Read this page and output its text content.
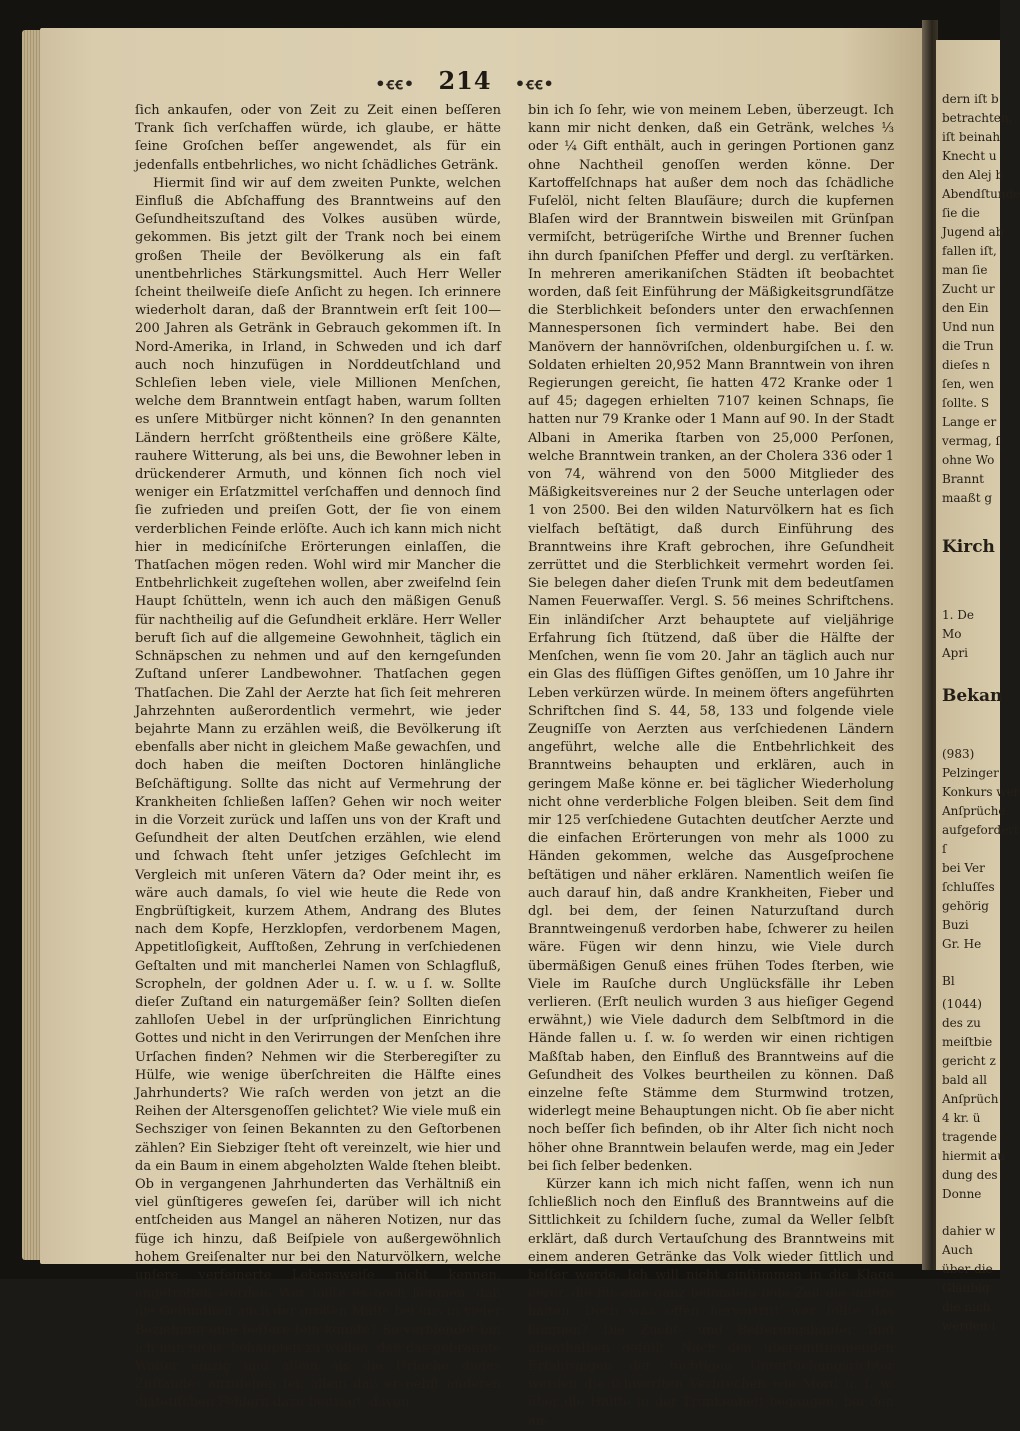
•ꞓꞓ• 214 •ꞓꞓ•

ſich ankaufen, oder von Zeit zu Zeit einen beſſeren Trank ſich verſchaffen würde, ich glaube, er hätte ſeine Groſchen beſſer angewendet, als für ein jedenfalls entbehrliches, wo nicht ſchädliches Getränk.

Hiermit ſind wir auf dem zweiten Punkte, welchen Einfluß die Abſchaffung des Branntweins auf den Geſundheitszuſtand des Volkes ausüben würde, gekommen. Bis jetzt gilt der Trank noch bei einem großen Theile der Bevölkerung als ein faſt unentbehrliches Stärkungsmittel. Auch Herr Weller ſcheint theilweiſe dieſe Anſicht zu hegen. Ich erinnere wiederholt daran, daß der Branntwein erſt ſeit 100—200 Jahren als Getränk in Gebrauch gekommen iſt. In Nord-Amerika, in Irland, in Schweden und ich darf auch noch hinzufügen in Norddeutſchland und Schleſien leben viele, viele Millionen Menſchen, welche dem Branntwein entſagt haben, warum ſollten es unſere Mitbürger nicht können? In den genannten Ländern herrſcht größtentheils eine größere Kälte, rauhere Witterung, als bei uns, die Bewohner leben in drückenderer Armuth, und können ſich noch viel weniger ein Erſatzmittel verſchaffen und dennoch ſind ſie zufrieden und preiſen Gott, der ſie von einem verderblichen Feinde erlöſte. Auch ich kann mich nicht hier in medicíniſche Erörterungen einlaſſen, die Thatſachen mögen reden. Wohl wird mir Mancher die Entbehrlichkeit zugeſtehen wollen, aber zweifelnd ſein Haupt ſchütteln, wenn ich auch den mäßigen Genuß für nachtheilig auf die Geſundheit erkläre. Herr Weller beruft ſich auf die allgemeine Gewohnheit, täglich ein Schnäpschen zu nehmen und auf den kerngeſunden Zuſtand unſerer Landbewohner. Thatſachen gegen Thatſachen. Die Zahl der Aerzte hat ſich ſeit mehreren Jahrzehnten außerordentlich vermehrt, wie jeder bejahrte Mann zu erzählen weiß, die Bevölkerung iſt ebenfalls aber nicht in gleichem Maße gewachſen, und doch haben die meiſten Doctoren hinlängliche Beſchäftigung. Sollte das nicht auf Vermehrung der Krankheiten ſchließen laſſen? Gehen wir noch weiter in die Vorzeit zurück und laſſen uns von der Kraft und Geſundheit der alten Deutſchen erzählen, wie elend und ſchwach ſteht unſer jetziges Geſchlecht im Vergleich mit unſeren Vätern da? Oder meint ihr, es wäre auch damals, ſo viel wie heute die Rede von Engbrüſtigkeit, kurzem Athem, Andrang des Blutes nach dem Kopfe, Herzklopfen, verdorbenem Magen, Appetitloſigkeit, Aufſtoßen, Zehrung in verſchiedenen Geſtalten und mit mancherlei Namen von Schlagfluß, Scropheln, der goldnen Ader u. ſ. w. u ſ. w. Sollte dieſer Zuſtand ein naturgemäßer ſein? Sollten dieſen zahlloſen Uebel in der urſprünglichen Einrichtung Gottes und nicht in den Verirrungen der Menſchen ihre Urſachen finden? Nehmen wir die Sterberegiſter zu Hülfe, wie wenige überſchreiten die Hälfte eines Jahrhunderts? Wie raſch werden von jetzt an die Reihen der Altersgenoſſen gelichtet? Wie viele muß ein Sechsziger von ſeinen Bekannten zu den Geſtorbenen zählen? Ein Siebziger ſteht oft vereinzelt, wie hier und da ein Baum in einem abgeholzten Walde ſtehen bleibt. Ob in vergangenen Jahrhunderten das Verhältniß ein viel günſtigeres geweſen ſei, darüber will ich nicht entſcheiden aus Mangel an näheren Notizen, nur das füge ich hinzu, daß Beiſpiele von außergewöhnlich hohem Greiſenalter nur bei den Naturvölkern, welche unſere verfeinerte Lebensweiſe nicht kennen, angetroffen werden. Wer ſollte es noch läugnen, daß die Geſundheit auch der großen Maſſe bei uns in vieler Beziehung eine beſſere ſein könnte? So verblendet bin ich nun nicht, behaupten zu wollen, daß das gebrannte Waſſer einzig und allein als die Urſache dieſes Zuſtandes anzuſehen ſei, allein daß er nebſt anderen diätetiſchen Fehlern dazu beiträgt, davon

bin ich ſo ſehr, wie von meinem Leben, überzeugt. Ich kann mir nicht denken, daß ein Getränk, welches ⅓ oder ¼ Gift enthält, auch in geringen Portionen ganz ohne Nachtheil genoſſen werden könne. Der Kartoffelſchnaps hat außer dem noch das ſchädliche Fuſelöl, nicht ſelten Blauſäure; durch die kupfernen Blaſen wird der Branntwein bisweilen mit Grünſpan vermiſcht, betrügeriſche Wirthe und Brenner ſuchen ihn durch ſpaniſchen Pfeffer und dergl. zu verſtärken. In mehreren amerikaniſchen Städten iſt beobachtet worden, daß ſeit Einführung der Mäßigkeitsgrundſätze die Sterblichkeit beſonders unter den erwachſennen Mannespersonen ſich vermindert habe. Bei den Manövern der hannövriſchen, oldenburgiſchen u. ſ. w. Soldaten erhielten 20,952 Mann Branntwein von ihren Regierungen gereicht, ſie hatten 472 Kranke oder 1 auf 45; dagegen erhielten 7107 keinen Schnaps, ſie hatten nur 79 Kranke oder 1 Mann auf 90. In der Stadt Albani in Amerika ſtarben von 25,000 Perſonen, welche Branntwein tranken, an der Cholera 336 oder 1 von 74, während von den 5000 Mitglieder des Mäßigkeitsvereines nur 2 der Seuche unterlagen oder 1 von 2500. Bei den wilden Naturvölkern hat es ſich vielfach beſtätigt, daß durch Einführung des Branntweins ihre Kraft gebrochen, ihre Geſundheit zerrüttet und die Sterblichkeit vermehrt worden ſei. Sie belegen daher dieſen Trunk mit dem bedeutſamen Namen Feuerwaſſer. Vergl. S. 56 meines Schriftchens. Ein inländiſcher Arzt behauptete auf vieljährige Erfahrung ſich ſtützend, daß über die Hälfte der Menſchen, wenn ſie vom 20. Jahr an täglich auch nur ein Glas des flüſſigen Giftes genöſſen, um 10 Jahre ihr Leben verkürzen würde. In meinem öfters angeführten Schriftchen ſind S. 44, 58, 133 und folgende viele Zeugniſſe von Aerzten aus verſchiedenen Ländern angeführt, welche alle die Entbehrlichkeit des Branntweins behaupten und erklären, auch in geringem Maße könne er. bei täglicher Wiederholung nicht ohne verderbliche Folgen bleiben. Seit dem ſind mir 125 verſchiedene Gutachten deutſcher Aerzte und die einfachen Erörterungen von mehr als 1000 zu Händen gekommen, welche das Ausgeſprochene beſtätigen und näher erklären. Namentlich weiſen ſie auch darauf hin, daß andre Krankheiten, Fieber und dgl. bei dem, der ſeinen Naturzuſtand durch Branntweingenuß verdorben habe, ſchwerer zu heilen wäre. Fügen wir denn hinzu, wie Viele durch übermäßigen Genuß eines frühen Todes ſterben, wie Viele im Rauſche durch Unglücksfälle ihr Leben verlieren. (Erſt neulich wurden 3 aus hieſiger Gegend erwähnt,) wie Viele dadurch dem Selbſtmord in die Hände fallen u. ſ. w. ſo werden wir einen richtigen Maßſtab haben, den Einfluß des Branntweins auf die Geſundheit des Volkes beurtheilen zu können. Daß einzelne feſte Stämme dem Sturmwind trotzen, widerlegt meine Behauptungen nicht. Ob ſie aber nicht noch beſſer ſich befinden, ob ihr Alter ſich nicht noch höher ohne Branntwein belaufen werde, mag ein Jeder bei ſich ſelber bedenken.

Kürzer kann ich mich nicht faſſen, wenn ich nun ſchließlich noch den Einfluß des Branntweins auf die Sittlichkeit zu ſchildern ſuche, zumal da Weller ſelbſt erklärt, daß durch Vertauſchung des Branntweins mit einem anderen Getränke das Volk wieder ſittlich und beſſer werde. Ich will nicht einſtimmen in die Klage derer, die für eine ganz beſonders böſe Zeit die unſere halten. Doch was offen hervortritt wer ſollte das läugnen? Die Zucht- und Beſſerungshäuſer ſind allenthalben gefüllt. Nach den übereinſtimmenden Erfahrungen der tüchtigen Unterſuchungsrichter werden die ſchwerſten Verbrechen wie Mord u. ſ. w. über die Hälfte in der Trunkenheit begangen, bei den an-

dern iſt b
betrachten,
iſt beinah
Knecht u
den Alej b
Abendſtunde
ſie die
Jugend ab
fallen iſt,
man ſie
Zucht ur
den Ein
Und nun
die Trun
dieſes n
ſen, wen
ſollte. S
Lange er
vermag, ſ
ohne Wo
Brannt
maaßt g
Kirch
1. De
Mo
Apri
Bekan
(983)
Pelzinger
Konkurs wer
Anſprüche
aufgefordert
ſ
bei Ver
ſchluſſes
gehörig
Buzi
Gr. He
Bl
(1044)
des zu
meiſtbie
gericht z
bald all
Anſprüch
4 kr. ü
tragende
hiermit au
dung des
Donne
dahier w
Auch
über die
Gläubig
die nich
werden i
